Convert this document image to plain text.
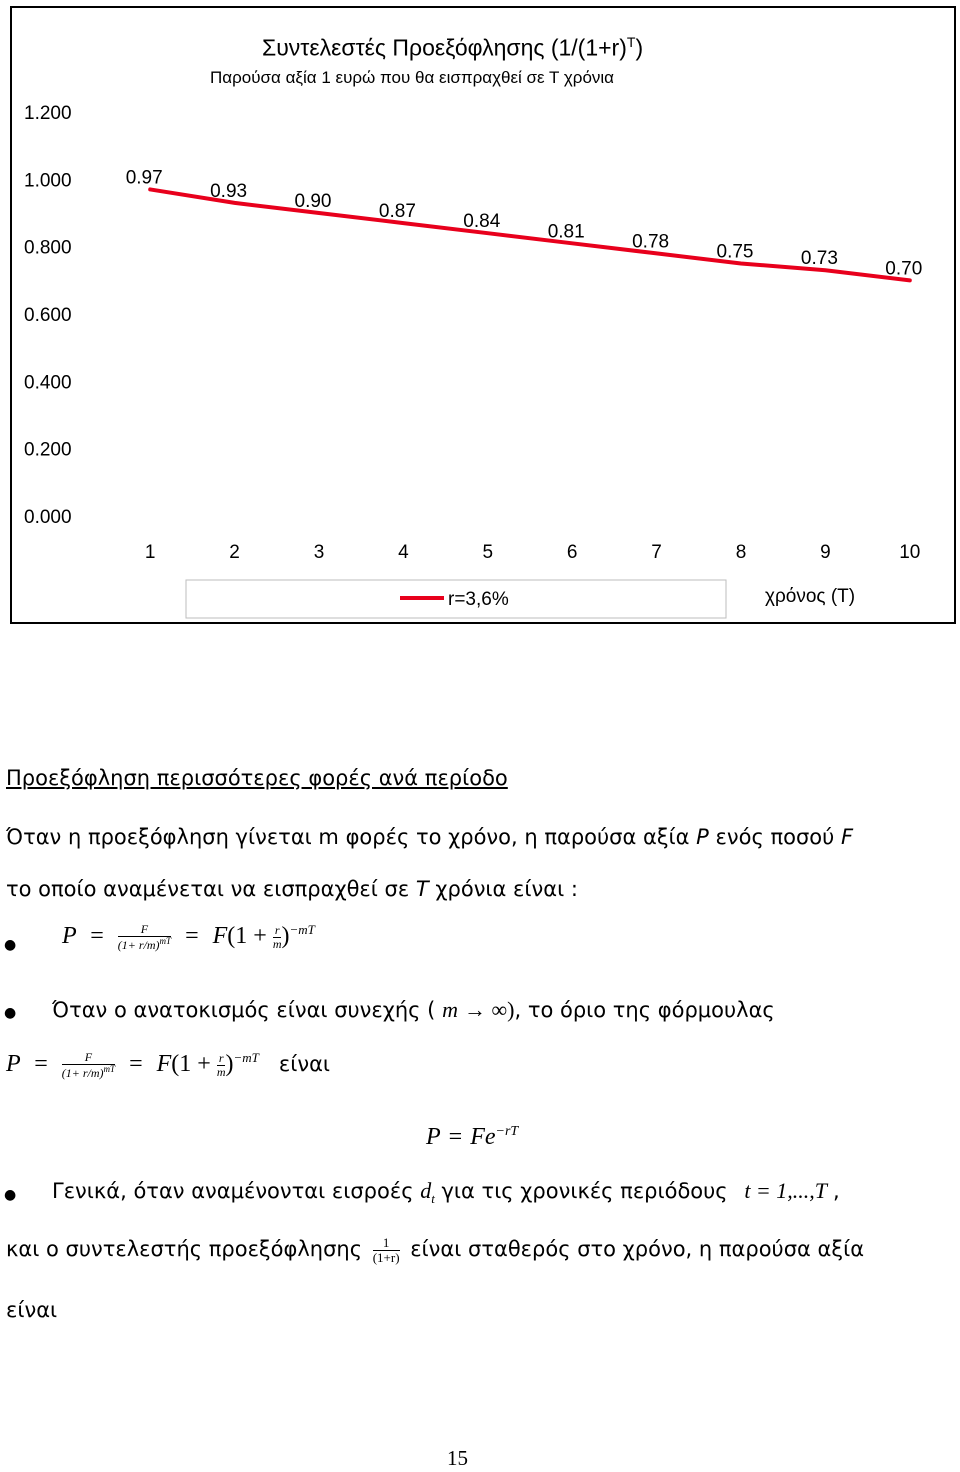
Συντελεστές Προεξόφλησης $(1/(1+r)^T)$
Παρούσα αξία 1 ευρώ που θα εισπραχθεί σε Τ χρόνια
0.000
0.200
0.400
0.600
0.800
1.000
1.200
1	2	3	4	5	6	7	8	9	10
0.97
0.93 0.90 0.87 0.84 0.81 0.78 0.75 0.73 0.70
r=3,6%	χρόνος (Τ)
Προεξόφληση περισσότερες φορές ανά περίοδο
Όταν η προεξόφληση γίνεται m φορές το χρόνο, η παρούσα αξία P ενός ποσού F
το οποίο αναμένεται να εισπραχθεί σε T χρόνια είναι :
● $P = \frac{F}{(1+ r/m)^{mT}} = F(1 + \frac{r}{m} )^{-mT}$
● Όταν ο ανατοκισμός είναι συνεχής ( m → ∞), το όριο της φόρμουλας
$P = \frac{F}{(1+ r/m)^{mT}} = F(1 + \frac{r}{m} )^{-mT}$ είναι
$P = Fe^{-rT}$
● Γενικά, όταν αναμένονται εισροές $d_t$ για τις χρονικές περιόδους t = 1,...,T ,
και ο συντελεστής προεξόφλησης $\frac{1}{(1+r)}$ είναι σταθερός στο χρόνο, η παρούσα αξία
είναι
15
